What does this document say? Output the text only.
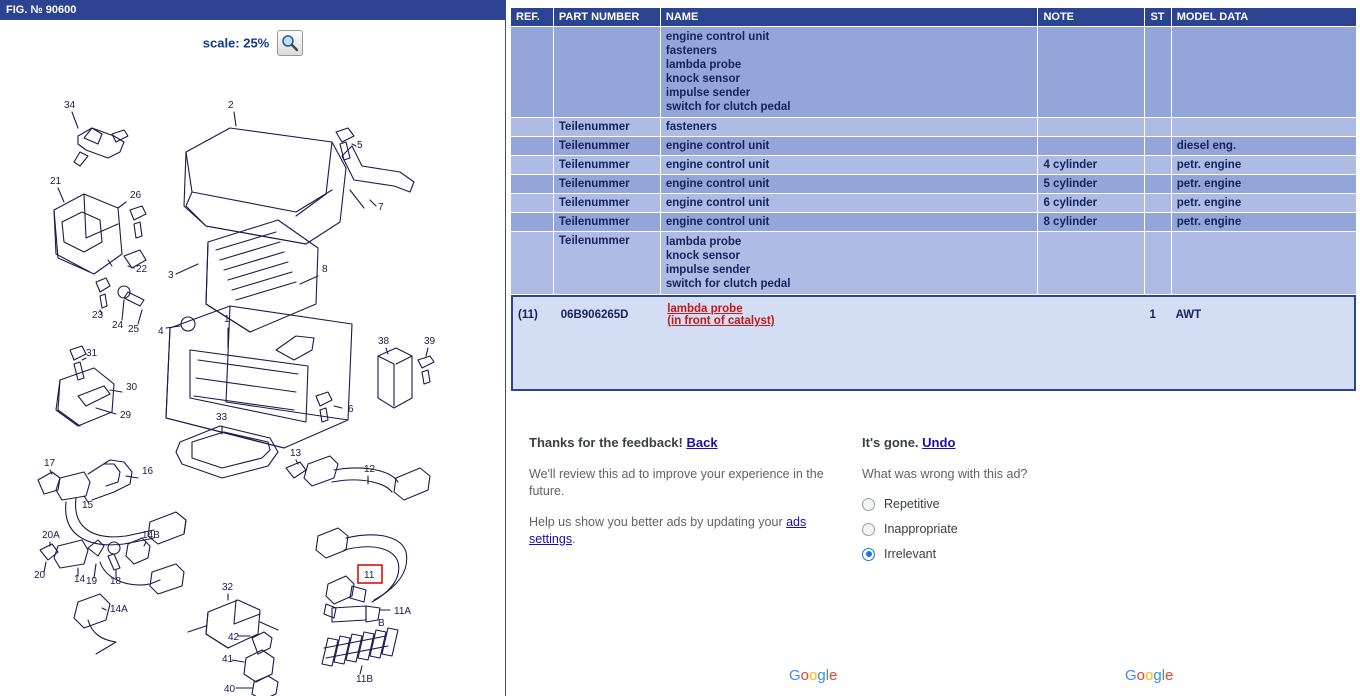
FIG. № 90600
scale: 25%
34	2
5
7
21
26
22
23
24 25
3
8
1
4
31
30
29
6
38	39
33
17
16
15
13
12
20A
20	14 19 18
14B
14A
32
42
41
40
11A
11B
B
11
REF.	PART NUMBER	NAME	NOTE	ST	MODEL DATA
		engine control unit
fasteners
lambda probe
knock sensor
impulse sender
switch for clutch pedal			
	Teilenummer	fasteners			
	Teilenummer	engine control unit			diesel eng.
	Teilenummer	engine control unit	4 cylinder		petr. engine
	Teilenummer	engine control unit	5 cylinder		petr. engine
	Teilenummer	engine control unit	6 cylinder		petr. engine
	Teilenummer	engine control unit	8 cylinder		petr. engine
	Teilenummer	lambda probe
knock sensor
impulse sender
switch for clutch pedal			
(11)	06B906265D	lambda probe
(in front of catalyst)		1	AWT
Thanks for the feedback! Back
We'll review this ad to improve your experience in the future.
Help us show you better ads by updating your ads settings.
It's gone. Undo
What was wrong with this ad?
Repetitive
Inappropriate
Irrelevant
Google	Google
